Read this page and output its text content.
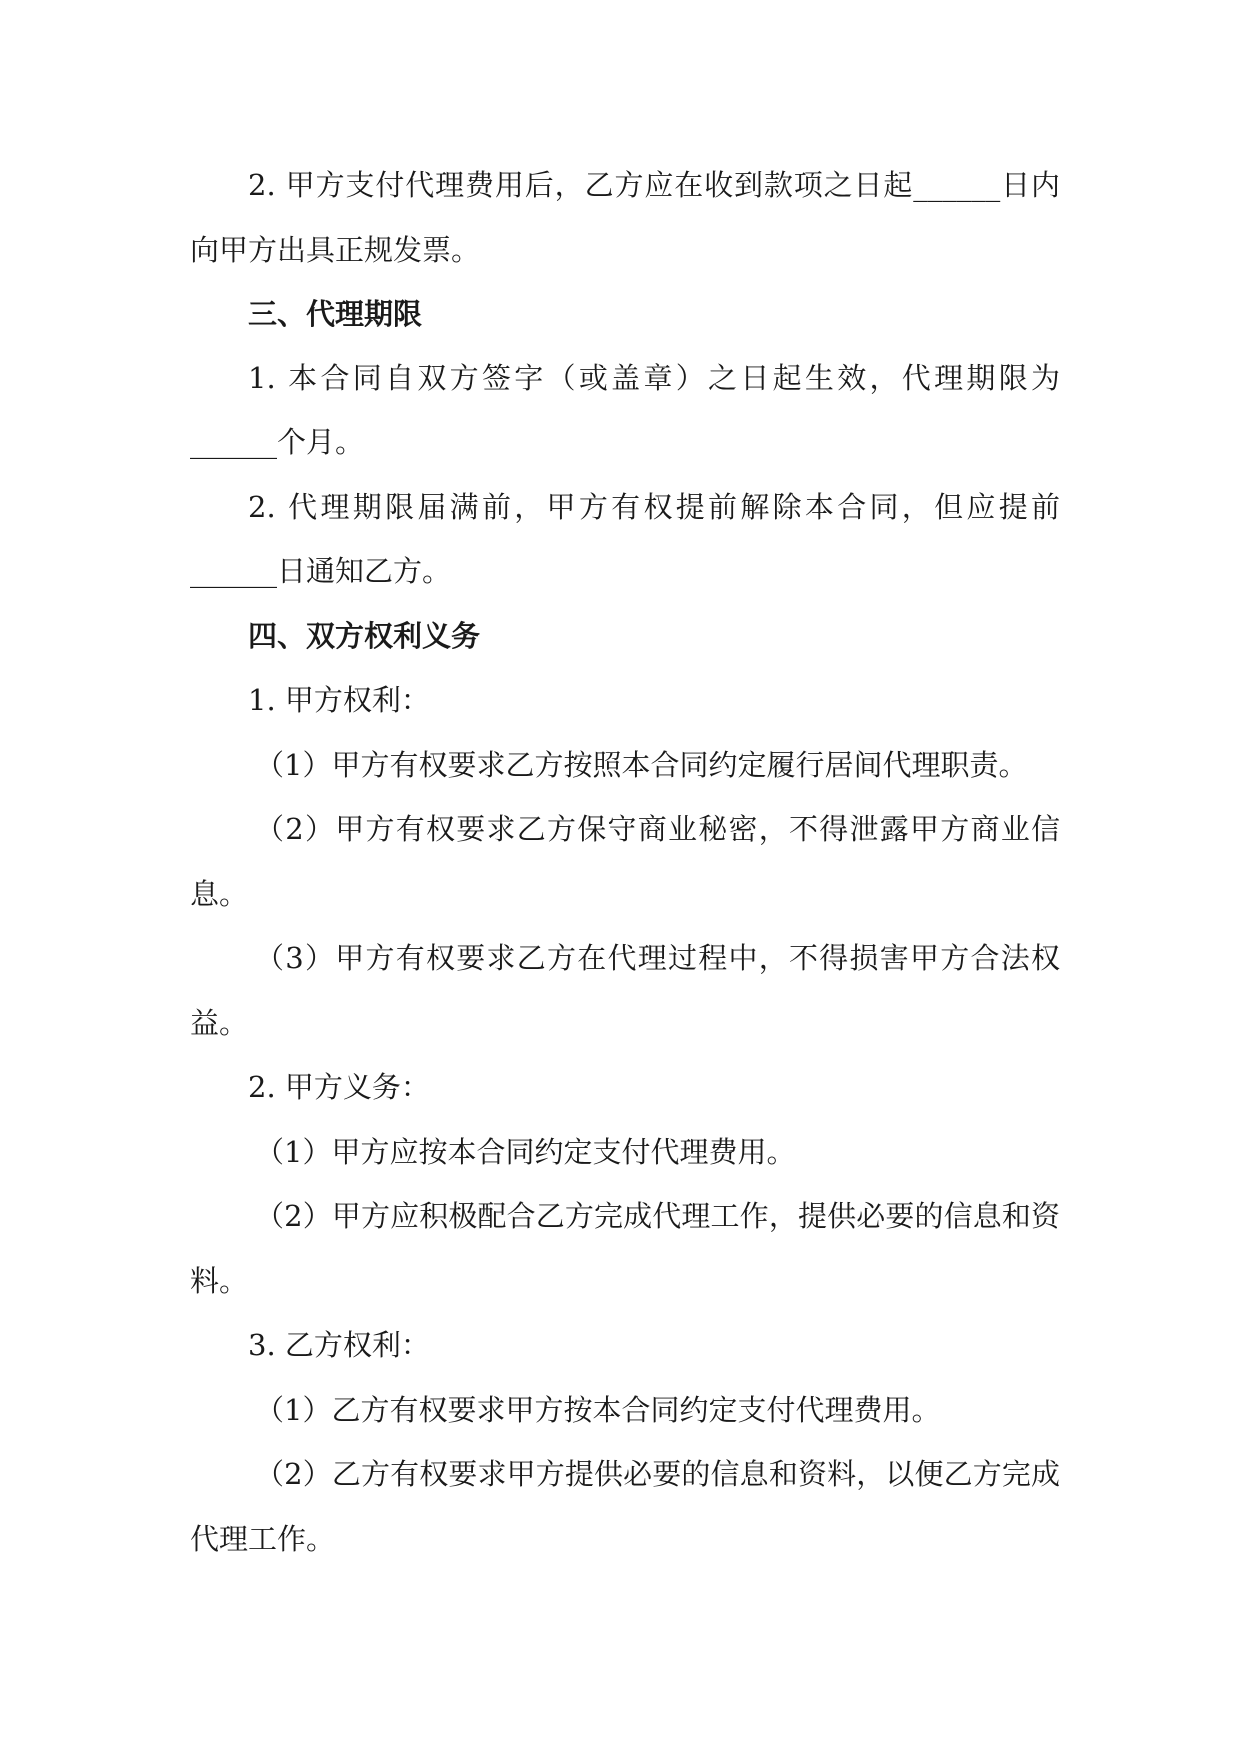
2. 甲方支付代理费用后，乙方应在收到款项之日起______日内
向甲方出具正规发票。
三、代理期限
1. 本合同自双方签字（或盖章）之日起生效，代理期限为
______个月。
2. 代理期限届满前，甲方有权提前解除本合同，但应提前
______日通知乙方。
四、双方权利义务
1. 甲方权利：
（1）甲方有权要求乙方按照本合同约定履行居间代理职责。
（2）甲方有权要求乙方保守商业秘密，不得泄露甲方商业信
息。
（3）甲方有权要求乙方在代理过程中，不得损害甲方合法权
益。
2. 甲方义务：
（1）甲方应按本合同约定支付代理费用。
（2）甲方应积极配合乙方完成代理工作，提供必要的信息和资
料。
3. 乙方权利：
（1）乙方有权要求甲方按本合同约定支付代理费用。
（2）乙方有权要求甲方提供必要的信息和资料，以便乙方完成
代理工作。
